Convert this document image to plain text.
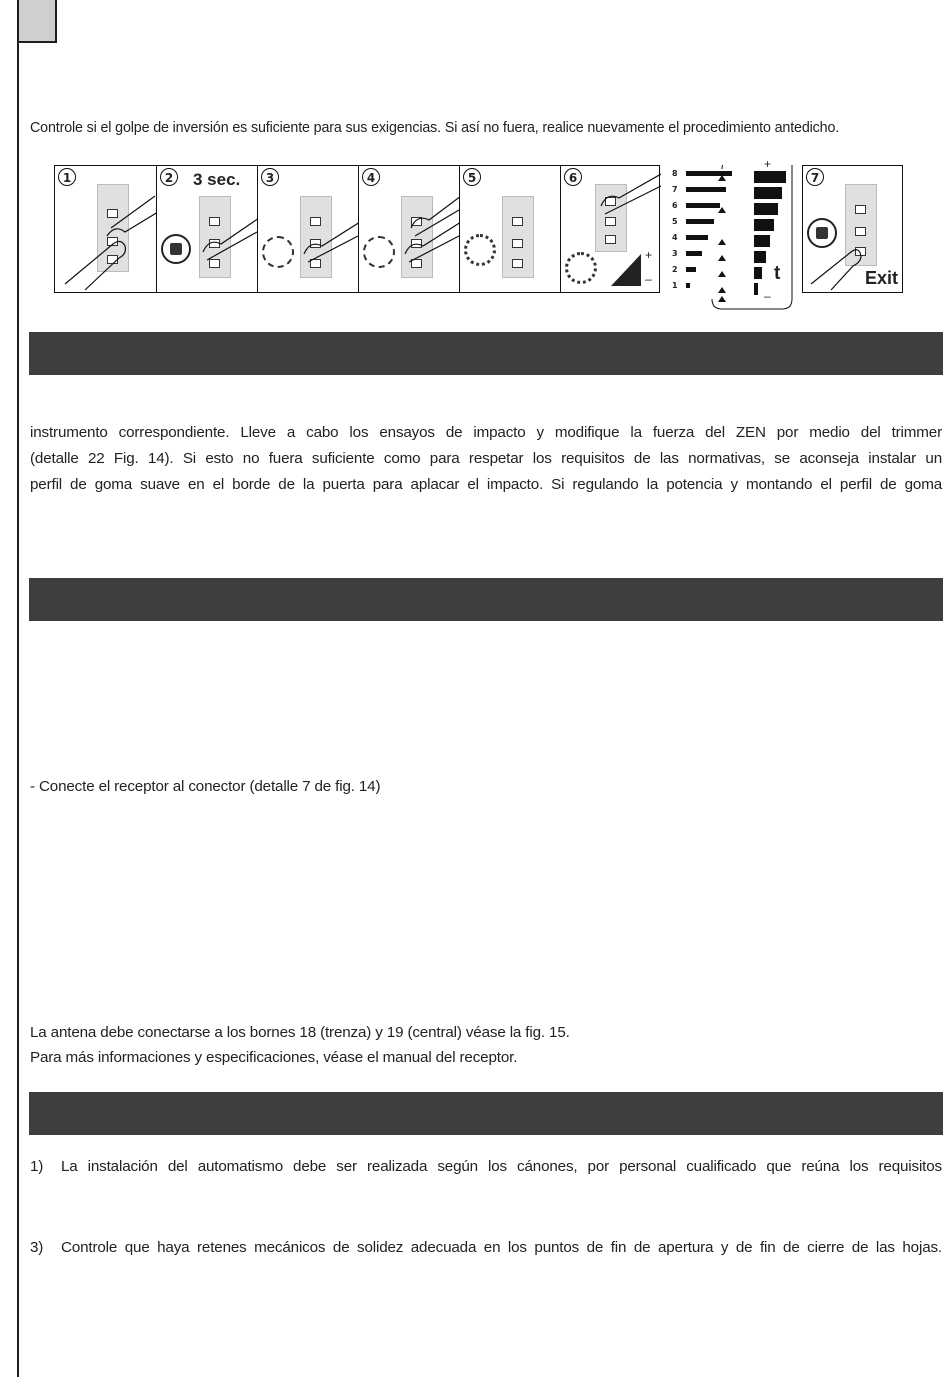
Controle si el golpe de inversión es suficiente para sus exigencias. Si así no fuera, realice nuevamente el procedimiento antedicho.
1	2 3 sec.	3	4	5	6
+
–
8
7
6
5
4
3
2
1
+
–
t
7
Exit
instrumento correspondiente. Lleve a cabo los ensayos de impacto y modifique la fuerza del ZEN por medio del trimmer
(detalle 22 Fig. 14). Si esto no fuera suficiente como para respetar los requisitos de las normativas, se aconseja instalar un
perfil de goma suave en el borde de la puerta para aplacar el impacto. Si regulando la potencia y montando el perfil de goma
- Conecte el receptor al conector (detalle 7 de fig. 14)
La antena debe conectarse a los bornes 18 (trenza) y 19 (central) véase la fig. 15.
Para más informaciones y especificaciones, véase el manual del receptor.
1)	La instalación del automatismo debe ser realizada según los cánones, por personal cualificado que reúna los requisitos
3)	Controle que haya retenes mecánicos de solidez adecuada en los puntos de fin de apertura y de fin de cierre de las hojas.
